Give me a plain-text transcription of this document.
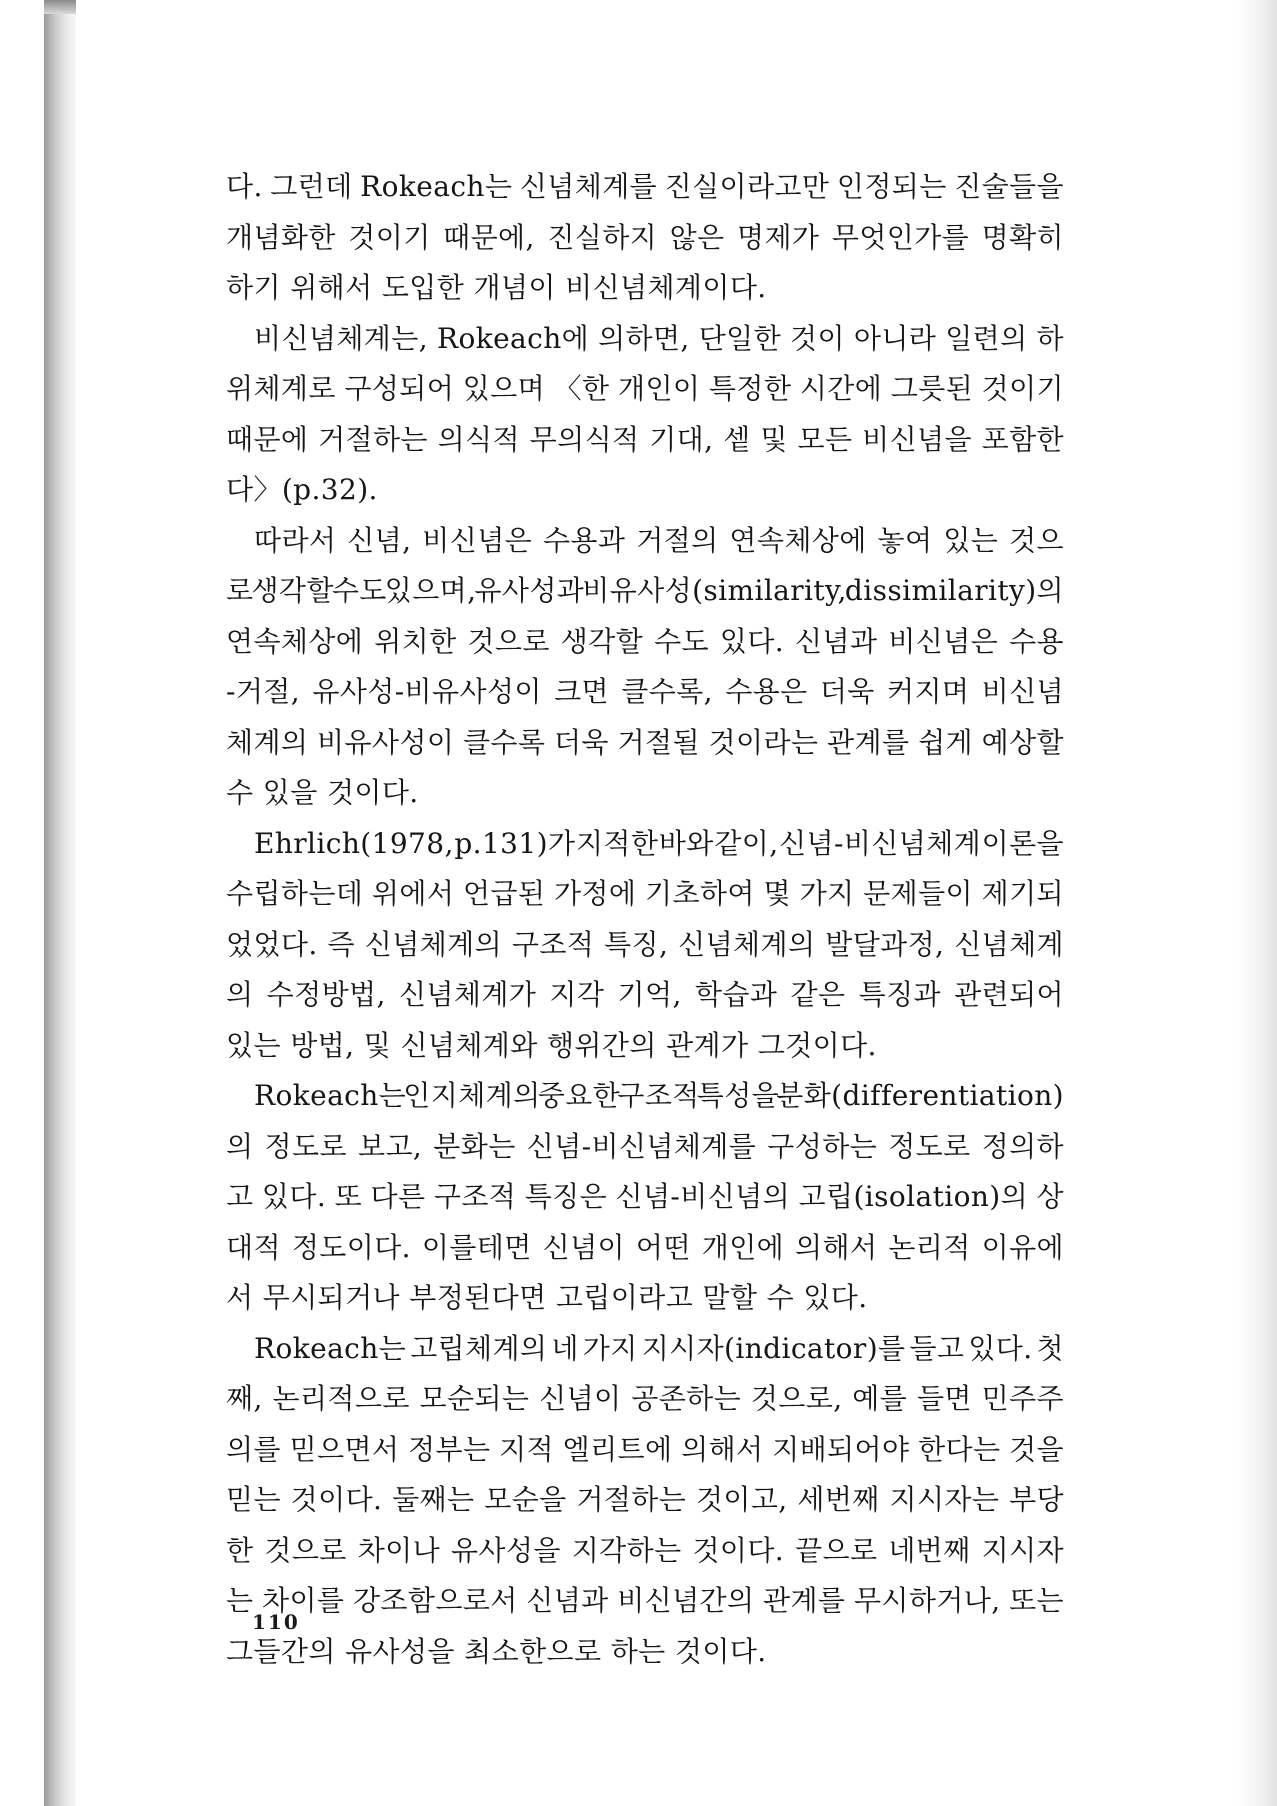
다. 그런데 Rokeach는 신념체계를 진실이라고만 인정되는 진술들을
개념화한 것이기 때문에, 진실하지 않은 명제가 무엇인가를 명확히
하기 위해서 도입한 개념이 비신념체계이다.
비신념체계는, Rokeach에 의하면, 단일한 것이 아니라 일련의 하
위체계로 구성되어 있으며 〈한 개인이 특정한 시간에 그릇된 것이기
때문에 거절하는 의식적 무의식적 기대, 셑 및 모든 비신념을 포함한
다〉(p.32).
따라서 신념, 비신념은 수용과 거절의 연속체상에 놓여 있는 것으
로 생각할 수도 있으며, 유사성과 비유사성(similarity, dissimilarity)의
연속체상에 위치한 것으로 생각할 수도 있다. 신념과 비신념은 수용
-거절, 유사성-비유사성이 크면 클수록, 수용은 더욱 커지며 비신념
체계의 비유사성이 클수록 더욱 거절될 것이라는 관계를 쉽게 예상할
수 있을 것이다.
Ehrlich(1978, p.131)가 지적한 바와 같이, 신념-비신념체계 이론을
수립하는데 위에서 언급된 가정에 기초하여 몇 가지 문제들이 제기되
었었다. 즉 신념체계의 구조적 특징, 신념체계의 발달과정, 신념체계
의 수정방법, 신념체계가 지각 기억, 학습과 같은 특징과 관련되어
있는 방법, 및 신념체계와 행위간의 관계가 그것이다.
Rokeach는 인지체계의 중요한 구조적 특성을 분화(differentiation)
의 정도로 보고, 분화는 신념-비신념체계를 구성하는 정도로 정의하
고 있다. 또 다른 구조적 특징은 신념-비신념의 고립(isolation)의 상
대적 정도이다. 이를테면 신념이 어떤 개인에 의해서 논리적 이유에
서 무시되거나 부정된다면 고립이라고 말할 수 있다.
Rokeach는 고립체계의 네 가지 지시자(indicator)를 들고 있다. 첫
째, 논리적으로 모순되는 신념이 공존하는 것으로, 예를 들면 민주주
의를 믿으면서 정부는 지적 엘리트에 의해서 지배되어야 한다는 것을
믿는 것이다. 둘째는 모순을 거절하는 것이고, 세번째 지시자는 부당
한 것으로 차이나 유사성을 지각하는 것이다. 끝으로 네번째 지시자
는 차이를 강조함으로서 신념과 비신념간의 관계를 무시하거나, 또는
그들간의 유사성을 최소한으로 하는 것이다.
110
